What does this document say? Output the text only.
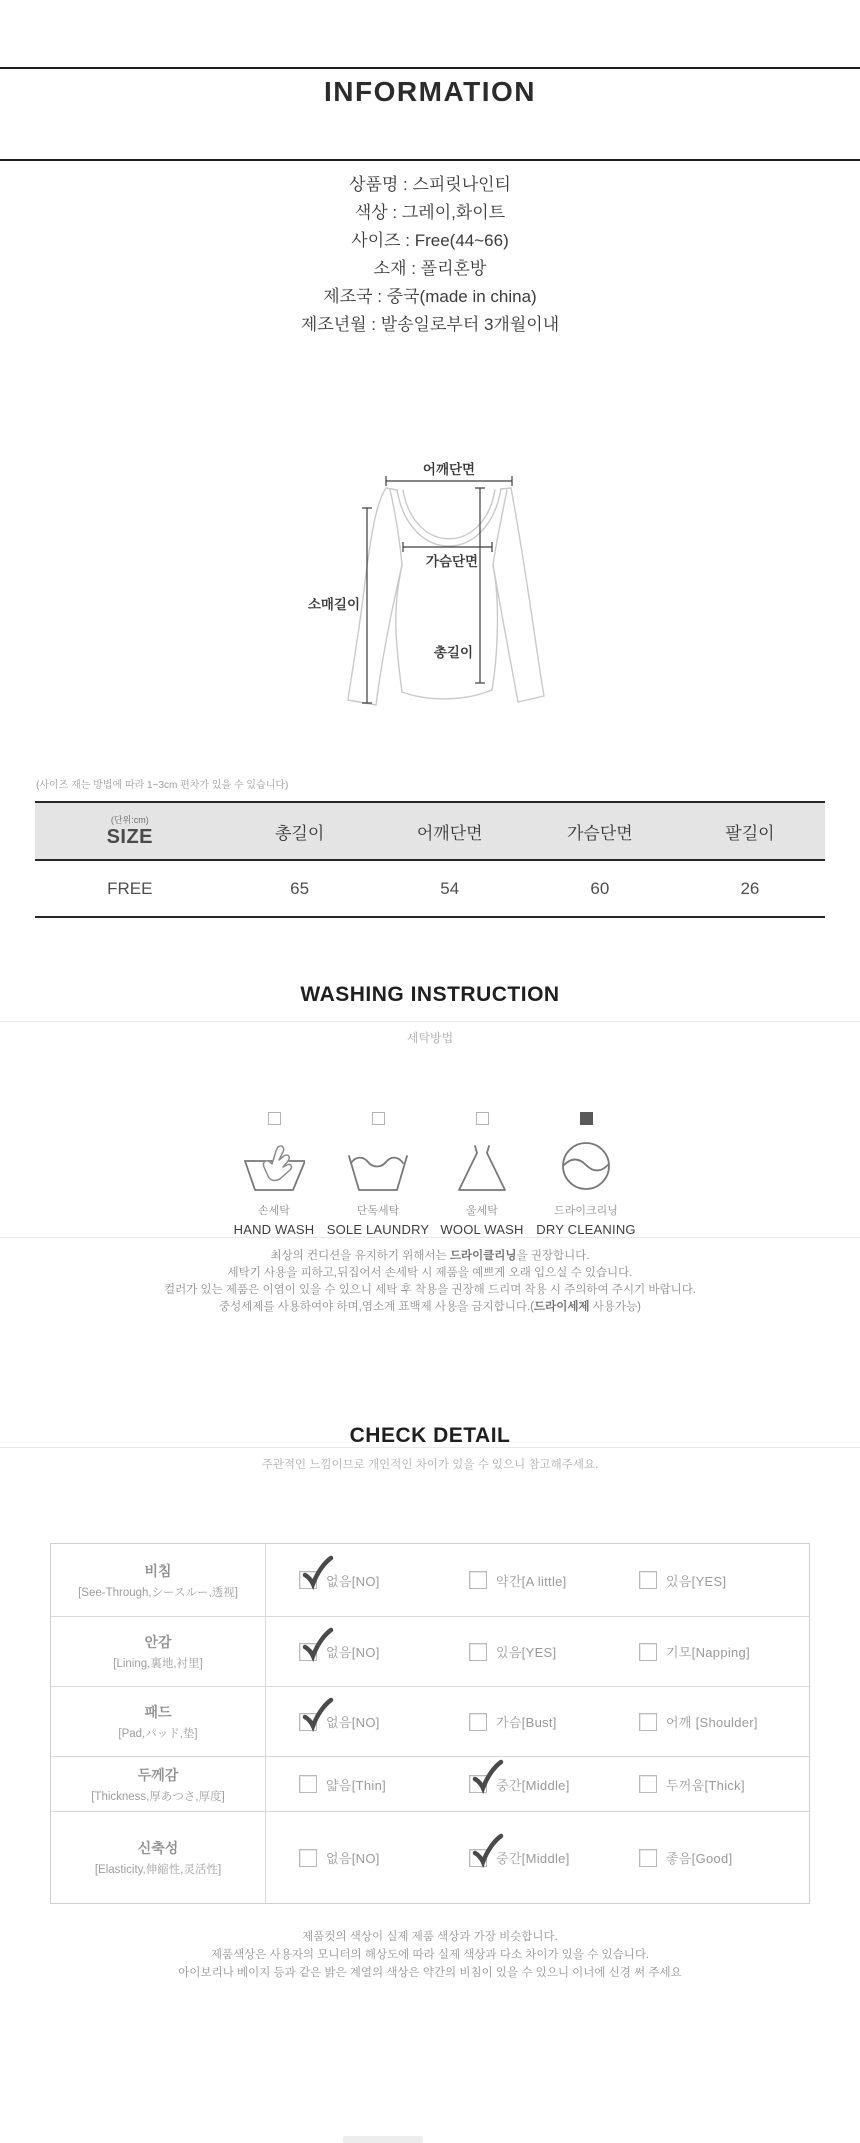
INFORMATION
상품명 : 스피릿나인티
색상 : 그레이,화이트
사이즈 : Free(44~66)
소재 : 폴리혼방
제조국 : 중국(made in china)
제조년월 : 발송일로부터 3개월이내
어깨단면
가슴단면
소매길이
총길이
(사이즈 재는 방법에 따라 1~3cm 편차가 있을 수 있습니다)
(단위:cm)
SIZE	총길이	어깨단면	가슴단면	팔길이
FREE	65	54	60	26
WASHING INSTRUCTION
세탁방법
손세탁
HAND WASH
단독세탁
SOLE LAUNDRY
울세탁
WOOL WASH
드라이크리닝
DRY CLEANING
최상의 컨디션을 유지하기 위해서는 드라이클리닝을 권장합니다.
세탁기 사용을 피하고,뒤집어서 손세탁 시 제품을 예쁘게 오래 입으실 수 있습니다.
컬러가 있는 제품은 이염이 있을 수 있으니 세탁 후 착용을 권장해 드리며 착용 시 주의하여 주시기 바랍니다.
중성세제를 사용하여야 하며,염소계 표백제 사용을 금지합니다.(드라이세제 사용가능)
CHECK DETAIL
주관적인 느낌이므로 개인적인 차이가 있을 수 있으니 참고해주세요.
비침
[See-Through,シースルー,透视]
없음[NO]	약간[A little]	있음[YES]
안감
[Lining,裏地,衬里]
없음[NO]	있음[YES]	기모[Napping]
패드
[Pad,パッド,垫]
없음[NO]	가슴[Bust]	어깨 [Shoulder]
두께감
[Thickness,厚あつさ,厚度]
얇음[Thin]	중간[Middle]	두꺼움[Thick]
신축성
[Elasticity,伸縮性,灵活性]
없음[NO]	중간[Middle]	좋음[Good]
제품컷의 색상이 실제 제품 색상과 가장 비슷합니다.
제품색상은 사용자의 모니터의 해상도에 따라 실제 색상과 다소 차이가 있을 수 있습니다.
아이보리나 베이지 등과 같은 밝은 계열의 색상은 약간의 비침이 있을 수 있으니 이너에 신경 써 주세요
